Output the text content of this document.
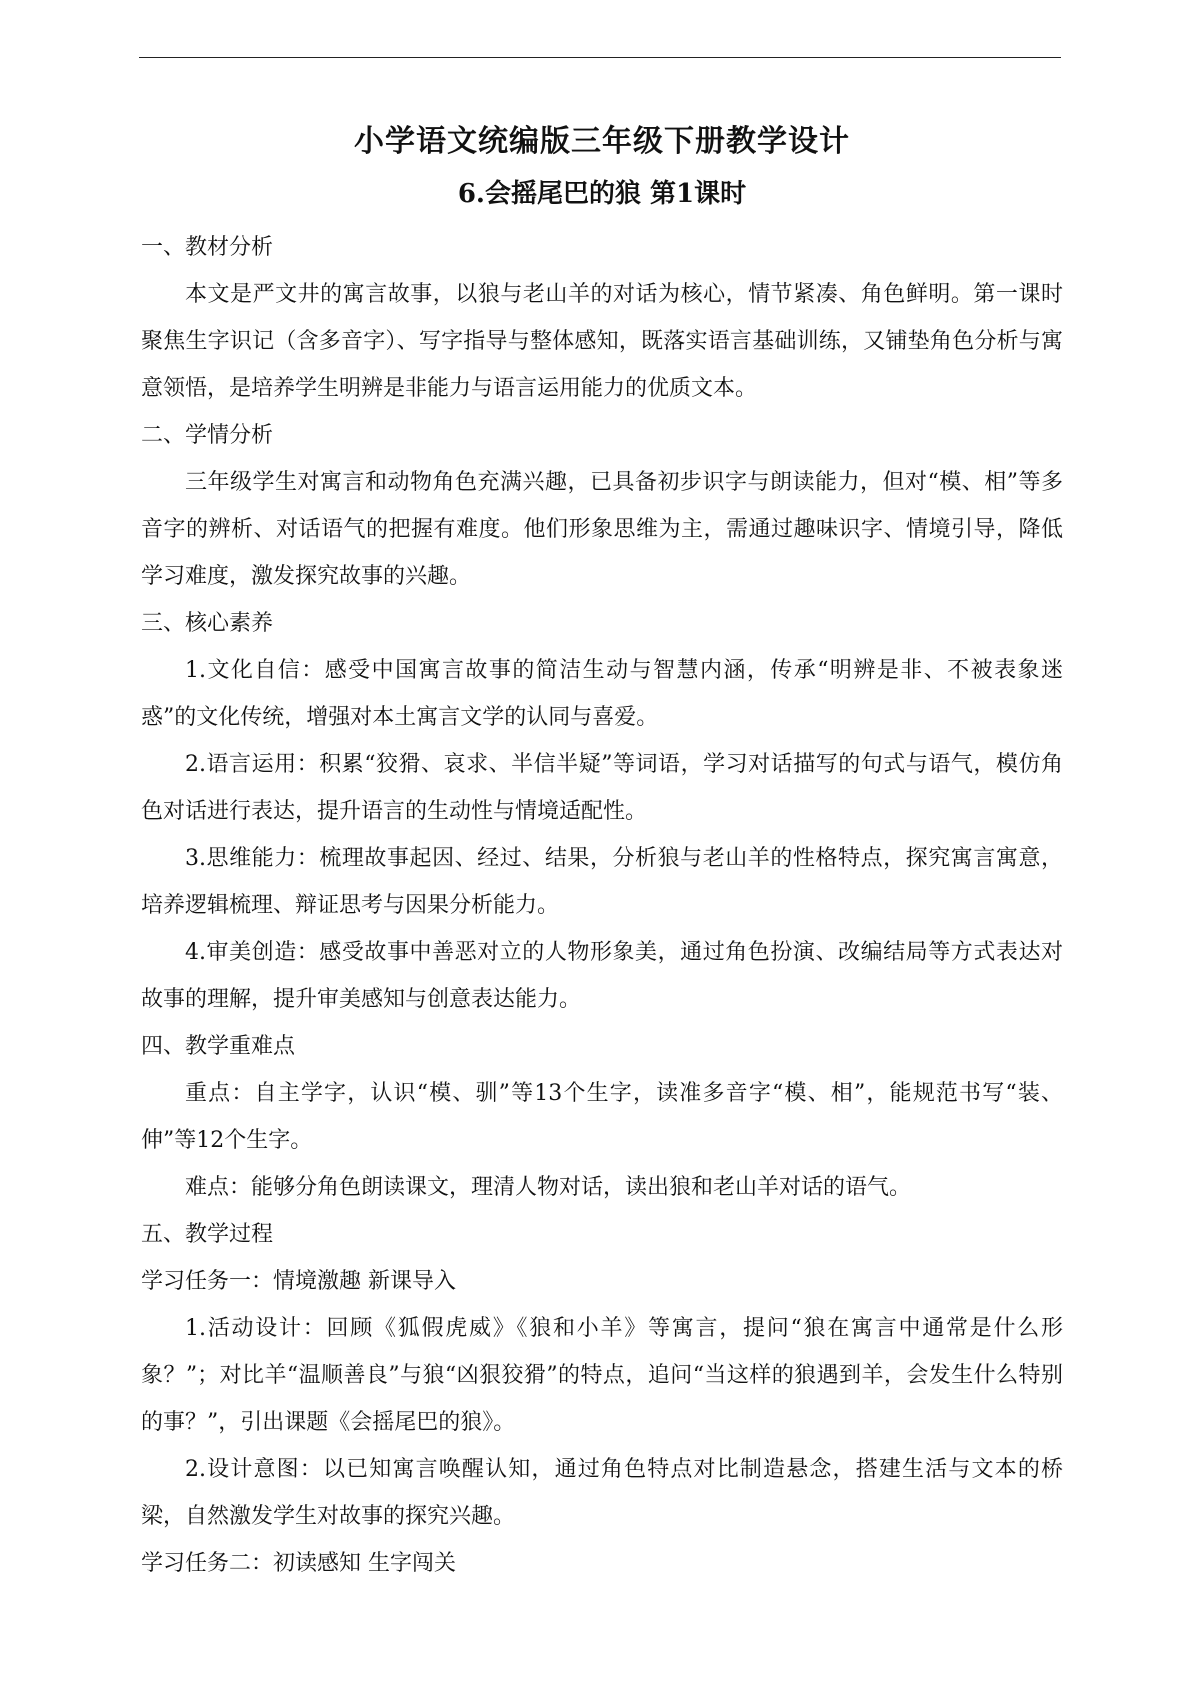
小学语文统编版三年级下册教学设计
6.会摇尾巴的狼 第1课时

一、教材分析

本文是严文井的寓言故事，以狼与老山羊的对话为核心，情节紧凑、角色鲜明。第一课时聚焦生字识记（含多音字）、写字指导与整体感知，既落实语言基础训练，又铺垫角色分析与寓意领悟，是培养学生明辨是非能力与语言运用能力的优质文本。

二、学情分析

三年级学生对寓言和动物角色充满兴趣，已具备初步识字与朗读能力，但对“模、相”等多音字的辨析、对话语气的把握有难度。他们形象思维为主，需通过趣味识字、情境引导，降低学习难度，激发探究故事的兴趣。

三、核心素养

1.文化自信：感受中国寓言故事的简洁生动与智慧内涵，传承“明辨是非、不被表象迷惑”的文化传统，增强对本土寓言文学的认同与喜爱。

2.语言运用：积累“狡猾、哀求、半信半疑”等词语，学习对话描写的句式与语气，模仿角色对话进行表达，提升语言的生动性与情境适配性。

3.思维能力：梳理故事起因、经过、结果，分析狼与老山羊的性格特点，探究寓言寓意，培养逻辑梳理、辩证思考与因果分析能力。

4.审美创造：感受故事中善恶对立的人物形象美，通过角色扮演、改编结局等方式表达对故事的理解，提升审美感知与创意表达能力。

四、教学重难点

重点：自主学字，认识“模、驯”等13个生字，读准多音字“模、相”，能规范书写“装、伸”等12个生字。

难点：能够分角色朗读课文，理清人物对话，读出狼和老山羊对话的语气。

五、教学过程

学习任务一：情境激趣 新课导入

1.活动设计：回顾《狐假虎威》《狼和小羊》等寓言，提问“狼在寓言中通常是什么形象？”；对比羊“温顺善良”与狼“凶狠狡猾”的特点，追问“当这样的狼遇到羊，会发生什么特别的事？”，引出课题《会摇尾巴的狼》。

2.设计意图：以已知寓言唤醒认知，通过角色特点对比制造悬念，搭建生活与文本的桥梁，自然激发学生对故事的探究兴趣。

学习任务二：初读感知 生字闯关
